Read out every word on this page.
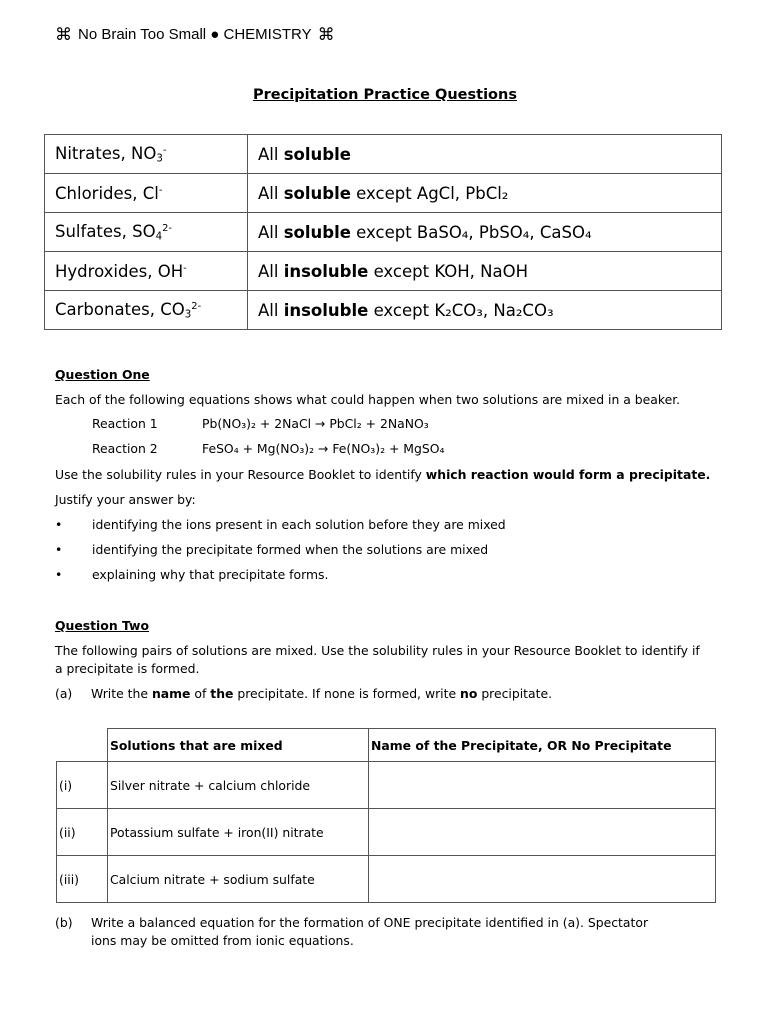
⌘ No Brain Too Small ● CHEMISTRY ⌘
Precipitation Practice Questions
Nitrates, $NO_3^-$	All soluble
Chlorides, Cl-	All soluble except AgCl, PbCl₂
Sulfates, $SO_4^{2-}$	All soluble except BaSO₄, PbSO₄, CaSO₄
Hydroxides, OH-	All insoluble except KOH, NaOH
Carbonates, $CO_3^{2-}$	All insoluble except K₂CO₃, Na₂CO₃
Question One
Each of the following equations shows what could happen when two solutions are mixed in a beaker.
Reaction 1	Pb(NO₃)₂ + 2NaCl → PbCl₂ + 2NaNO₃
Reaction 2	FeSO₄ + Mg(NO₃)₂ → Fe(NO₃)₂ + MgSO₄
Use the solubility rules in your Resource Booklet to identify which reaction would form a precipitate.
Justify your answer by:
• identifying the ions present in each solution before they are mixed
• identifying the precipitate formed when the solutions are mixed
• explaining why that precipitate forms.
Question Two
The following pairs of solutions are mixed. Use the solubility rules in your Resource Booklet to identify if
a precipitate is formed.
(a) Write the name of the precipitate. If none is formed, write no precipitate.
	Solutions that are mixed	Name of the Precipitate, OR No Precipitate
(i)	Silver nitrate + calcium chloride	
(ii)	Potassium sulfate + iron(II) nitrate	
(iii)	Calcium nitrate + sodium sulfate	
(b) Write a balanced equation for the formation of ONE precipitate identified in (a). Spectator
ions may be omitted from ionic equations.
